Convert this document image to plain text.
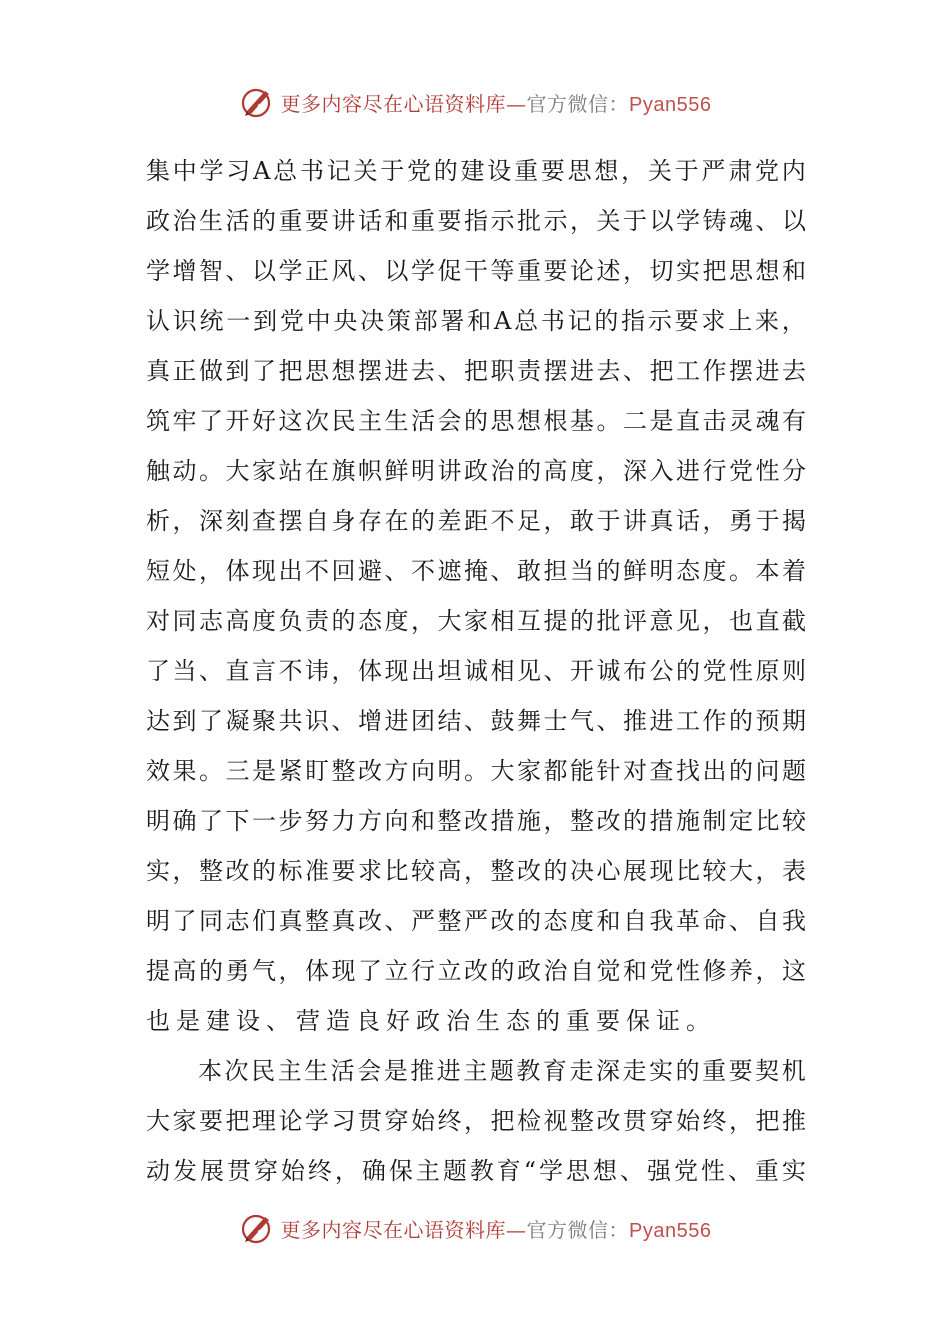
更多内容尽在心语资料库—官方微信：Pyan556
集 中 学 习 A 总 书 记 关 于 党 的 建 设 重 要 思 想 ， 关 于 严 肃 党 内
政 治 生 活 的 重 要 讲 话 和 重 要 指 示 批 示 ， 关 于 以 学 铸 魂 、 以
学 增 智 、 以 学 正 风 、 以 学 促 干 等 重 要 论 述 ， 切 实 把 思 想 和
认 识 统 一 到 党 中 央 决 策 部 署 和 A 总 书 记 的 指 示 要 求 上 来 ，
真 正 做 到 了 把 思 想 摆 进 去 、 把 职 责 摆 进 去 、 把 工 作 摆 进 去
筑 牢 了 开 好 这 次 民 主 生 活 会 的 思 想 根 基 。 二 是 直 击 灵 魂 有
触 动 。 大 家 站 在 旗 帜 鲜 明 讲 政 治 的 高 度 ， 深 入 进 行 党 性 分
析 ， 深 刻 查 摆 自 身 存 在 的 差 距 不 足 ， 敢 于 讲 真 话 ， 勇 于 揭
短 处 ， 体 现 出 不 回 避 、 不 遮 掩 、 敢 担 当 的 鲜 明 态 度 。 本 着
对 同 志 高 度 负 责 的 态 度 ， 大 家 相 互 提 的 批 评 意 见 ， 也 直 截
了 当 、 直 言 不 讳 ， 体 现 出 坦 诚 相 见 、 开 诚 布 公 的 党 性 原 则
达 到 了 凝 聚 共 识 、 增 进 团 结 、 鼓 舞 士 气 、 推 进 工 作 的 预 期
效 果 。 三 是 紧 盯 整 改 方 向 明 。 大 家 都 能 针 对 查 找 出 的 问 题
明 确 了 下 一 步 努 力 方 向 和 整 改 措 施 ， 整 改 的 措 施 制 定 比 较
实 ， 整 改 的 标 准 要 求 比 较 高 ， 整 改 的 决 心 展 现 比 较 大 ， 表
明 了 同 志 们 真 整 真 改 、 严 整 严 改 的 态 度 和 自 我 革 命 、 自 我
提 高 的 勇 气 ， 体 现 了 立 行 立 改 的 政 治 自 觉 和 党 性 修 养 ， 这
也是建设、营造良好政治生态的重要保证。
本 次 民 主 生 活 会 是 推 进 主 题 教 育 走 深 走 实 的 重 要 契 机
大 家 要 把 理 论 学 习 贯 穿 始 终 ， 把 检 视 整 改 贯 穿 始 终 ， 把 推
动 发 展 贯 穿 始 终 ， 确 保 主 题 教 育 “ 学 思 想 、 强 党 性 、 重 实
更多内容尽在心语资料库—官方微信：Pyan556
